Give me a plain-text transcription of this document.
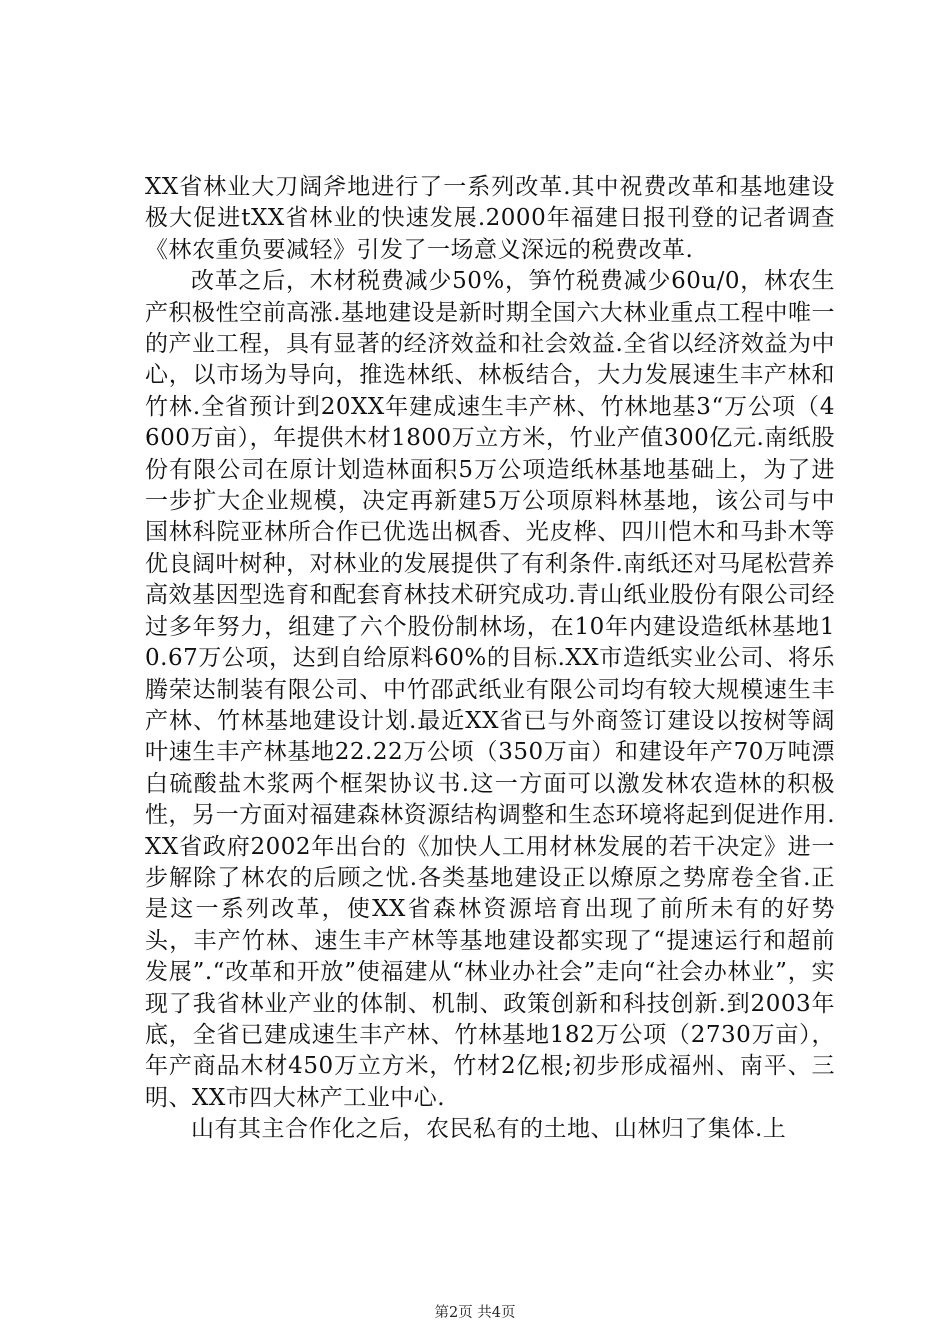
XX省林业大刀阔斧地进行了一系列改革.其中祝费改革和基地建设极大促进tXX省林业的快速发展.2000年福建日报刊登的记者调查《林农重负要减轻》引发了一场意义深远的税费改革.

改革之后，木材税费减少50%，笋竹税费减少60u/0，林农生产积极性空前高涨.基地建设是新时期全国六大林业重点工程中唯一的产业工程，具有显著的经济效益和社会效益.全省以经济效益为中心，以市场为导向，推选林纸、林板结合，大力发展速生丰产林和竹林.全省预计到20XX年建成速生丰产林、竹林地基3“万公项（4600万亩），年提供木材1800万立方米，竹业产值300亿元.南纸股份有限公司在原计划造林面积5万公项造纸林基地基础上，为了进一步扩大企业规模，决定再新建5万公项原料林基地，该公司与中国林科院亚林所合作已优选出枫香、光皮桦、四川恺木和马卦木等优良阔叶树种，对林业的发展提供了有利条件.南纸还对马尾松营养高效基因型选育和配套育林技术研究成功.青山纸业股份有限公司经过多年努力，组建了六个股份制林场，在10年内建设造纸林基地10.67万公项，达到自给原料60%的目标.XX市造纸实业公司、将乐腾荣达制装有限公司、中竹邵武纸业有限公司均有较大规模速生丰产林、竹林基地建设计划.最近XX省已与外商签订建设以按树等阔叶速生丰产林基地22.22万公顷（350万亩）和建设年产70万吨漂白硫酸盐木浆两个框架协议书.这一方面可以激发林农造林的积极性，另一方面对福建森林资源结构调整和生态环境将起到促进作用.XX省政府2002年出台的《加快人工用材林发展的若干决定》进一步解除了林农的后顾之忧.各类基地建设正以燎原之势席卷全省.正是这一系列改革，使XX省森林资源培育出现了前所未有的好势头，丰产竹林、速生丰产林等基地建设都实现了“提速运行和超前发展”.“改革和开放”使福建从“林业办社会”走向“社会办林业”，实现了我省林业产业的体制、机制、政策创新和科技创新.到2003年底，全省已建成速生丰产林、竹林基地182万公项（2730万亩），年产商品木材450万立方米，竹材2亿根;初步形成福州、南平、三明、XX市四大林产工业中心.

山有其主合作化之后，农民私有的土地、山林归了集体.上

第2页 共4页
